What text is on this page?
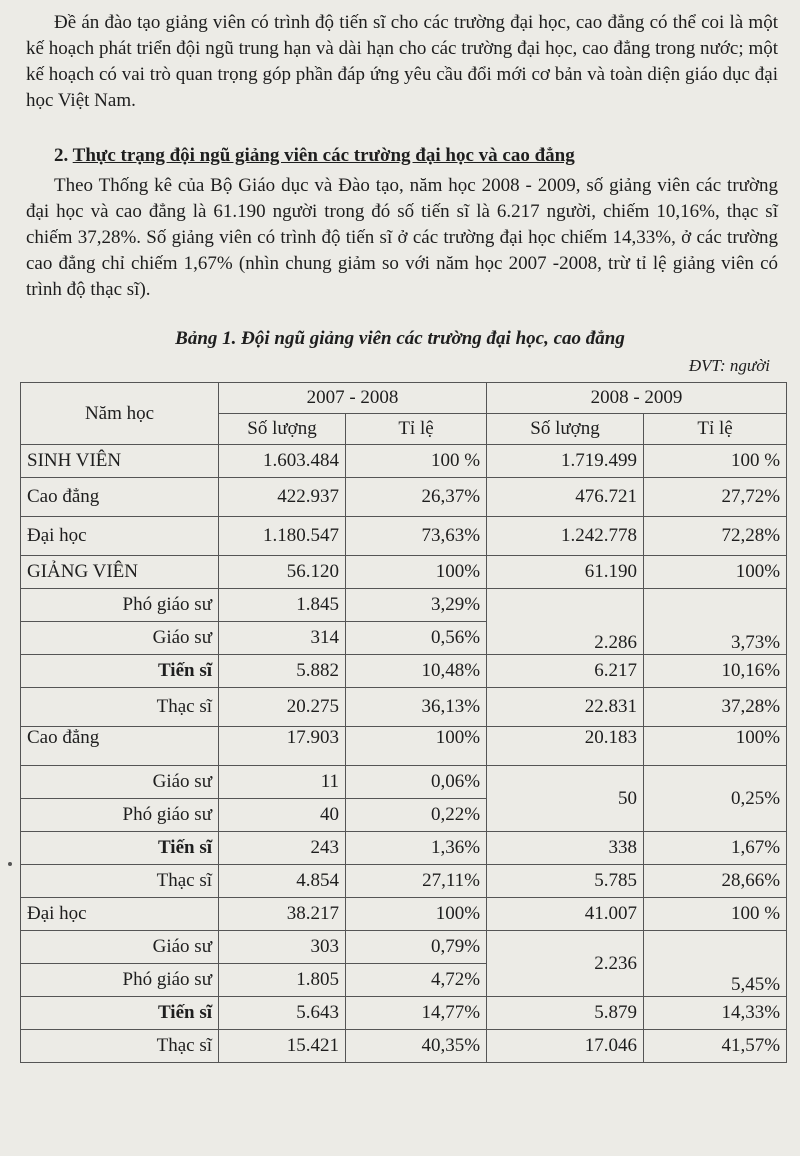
Đề án đào tạo giảng viên có trình độ tiến sĩ cho các trường đại học, cao đẳng có thể coi là một kế hoạch phát triển đội ngũ trung hạn và dài hạn cho các trường đại học, cao đẳng trong nước; một kế hoạch có vai trò quan trọng góp phần đáp ứng yêu cầu đổi mới cơ bản và toàn diện giáo dục đại học Việt Nam.

2. Thực trạng đội ngũ giảng viên các trường đại học và cao đẳng

Theo Thống kê của Bộ Giáo dục và Đào tạo, năm học 2008 - 2009, số giảng viên các trường đại học và cao đẳng là 61.190 người trong đó số tiến sĩ là 6.217 người, chiếm 10,16%, thạc sĩ chiếm 37,28%. Số giảng viên có trình độ tiến sĩ ở các trường đại học chiếm 14,33%, ở các trường cao đẳng chỉ chiếm 1,67% (nhìn chung giảm so với năm học 2007 -2008, trừ tỉ lệ giảng viên có trình độ thạc sĩ).

Bảng 1. Đội ngũ giảng viên các trường đại học, cao đẳng
ĐVT: người
Năm học	2007 - 2008		2008 - 2009	
	Số lượng	Tỉ lệ	Số lượng	Tỉ lệ
SINH VIÊN	1.603.484	100 %	1.719.499	100 %
Cao đẳng	422.937	26,37%	476.721	27,72%
Đại học	1.180.547	73,63%	1.242.778	72,28%
GIẢNG VIÊN	56.120	100%	61.190	100%
Phó giáo sư	1.845	3,29%	2.286	3,73%
Giáo sư	314	0,56%		
Tiến sĩ	5.882	10,48%	6.217	10,16%
Thạc sĩ	20.275	36,13%	22.831	37,28%
Cao đẳng	17.903	100%	20.183	100%
Giáo sư	11	0,06%	50	0,25%
Phó giáo sư	40	0,22%		
Tiến sĩ	243	1,36%	338	1,67%
Thạc sĩ	4.854	27,11%	5.785	28,66%
Đại học	38.217	100%	41.007	100 %
Giáo sư	303	0,79%	2.236	5,45%
Phó giáo sư	1.805	4,72%		
Tiến sĩ	5.643	14,77%	5.879	14,33%
Thạc sĩ	15.421	40,35%	17.046	41,57%
